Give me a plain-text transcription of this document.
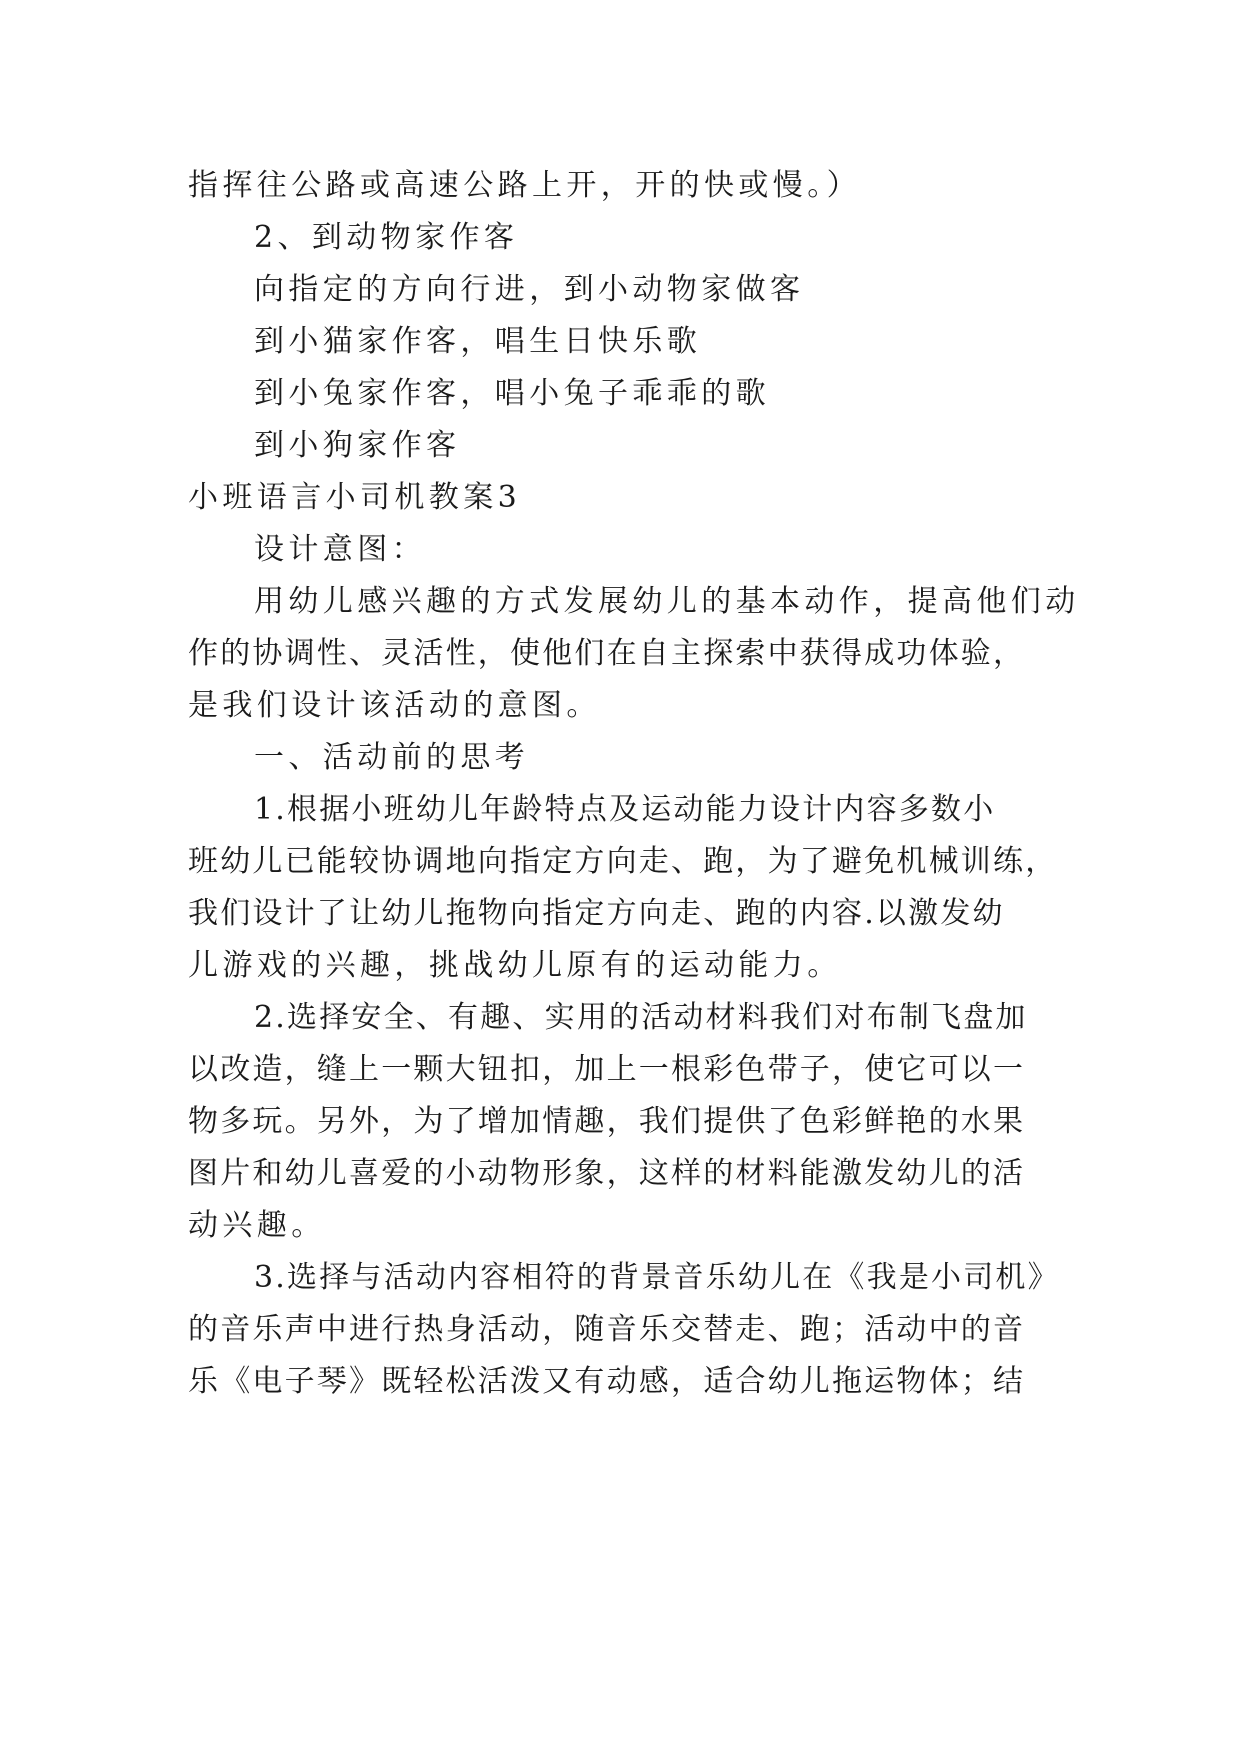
指挥往公路或高速公路上开，开的快或慢。）
2、到动物家作客
向指定的方向行进，到小动物家做客
到小猫家作客，唱生日快乐歌
到小兔家作客，唱小兔子乖乖的歌
到小狗家作客
小班语言小司机教案3
设计意图：
用幼儿感兴趣的方式发展幼儿的基本动作，提高他们动
作的协调性、灵活性，使他们在自主探索中获得成功体验，
是我们设计该活动的意图。
一、活动前的思考
1.根据小班幼儿年龄特点及运动能力设计内容多数小
班幼儿已能较协调地向指定方向走、跑，为了避免机械训练，
我们设计了让幼儿拖物向指定方向走、跑的内容.以激发幼
儿游戏的兴趣，挑战幼儿原有的运动能力。
2.选择安全、有趣、实用的活动材料我们对布制飞盘加
以改造，缝上一颗大钮扣，加上一根彩色带子，使它可以一
物多玩。另外，为了增加情趣，我们提供了色彩鲜艳的水果
图片和幼儿喜爱的小动物形象，这样的材料能激发幼儿的活
动兴趣。
3.选择与活动内容相符的背景音乐幼儿在《我是小司机》
的音乐声中进行热身活动，随音乐交替走、跑；活动中的音
乐《电子琴》既轻松活泼又有动感，适合幼儿拖运物体；结
